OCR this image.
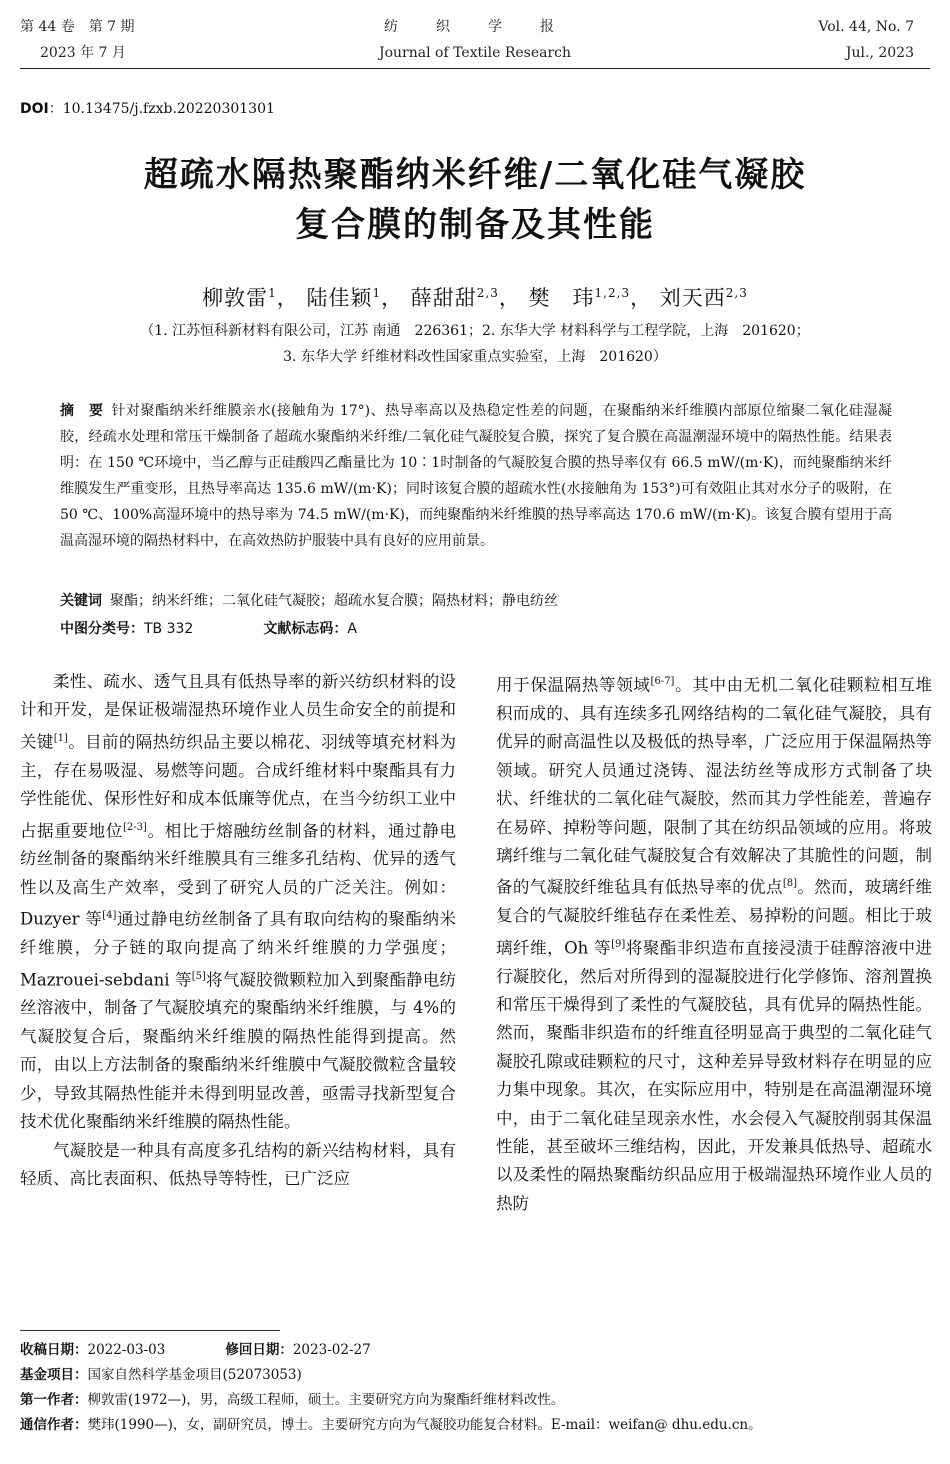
第 44 卷　第 7 期
2023 年 7 月
纺　织　学　报
Journal of Textile Research
Vol. 44, No. 7
Jul., 2023
DOI：10.13475/j.fzxb.20220301301
超疏水隔热聚酯纳米纤维/二氧化硅气凝胶
复合膜的制备及其性能
柳敦雷$^1$， 陆佳颖$^1$， 薛甜甜$^{2,3}$， 樊　玮$^{1,2,3}$， 刘天西$^{2,3}$
（1. 江苏恒科新材料有限公司，江苏 南通　226361；2. 东华大学 材料科学与工程学院，上海　201620；
3. 东华大学 纤维材料改性国家重点实验室，上海　201620）
摘　要 针对聚酯纳米纤维膜亲水(接触角为 17°)、热导率高以及热稳定性差的问题，在聚酯纳米纤维膜内部原位缩聚二氧化硅湿凝胶，经疏水处理和常压干燥制备了超疏水聚酯纳米纤维/二氧化硅气凝胶复合膜，探究了复合膜在高温潮湿环境中的隔热性能。结果表明：在 150 ℃环境中，当乙醇与正硅酸四乙酯量比为 10∶1时制备的气凝胶复合膜的热导率仅有 66.5 mW/(m·K)，而纯聚酯纳米纤维膜发生严重变形，且热导率高达 135.6 mW/(m·K)；同时该复合膜的超疏水性(水接触角为 153°)可有效阻止其对水分子的吸附，在 50 ℃、100%高湿环境中的热导率为 74.5 mW/(m·K)，而纯聚酯纳米纤维膜的热导率高达 170.6 mW/(m·K)。该复合膜有望用于高温高湿环境的隔热材料中，在高效热防护服装中具有良好的应用前景。
关键词 聚酯；纳米纤维；二氧化硅气凝胶；超疏水复合膜；隔热材料；静电纺丝
中图分类号：TB 332	文献标志码：A

柔性、疏水、透气且具有低热导率的新兴纺织材料的设计和开发，是保证极端湿热环境作业人员生命安全的前提和关键[1]。目前的隔热纺织品主要以棉花、羽绒等填充材料为主，存在易吸湿、易燃等问题。合成纤维材料中聚酯具有力学性能优、保形性好和成本低廉等优点，在当今纺织工业中占据重要地位[2-3]。相比于熔融纺丝制备的材料，通过静电纺丝制备的聚酯纳米纤维膜具有三维多孔结构、优异的透气性以及高生产效率，受到了研究人员的广泛关注。例如：Duzyer 等[4]通过静电纺丝制备了具有取向结构的聚酯纳米纤维膜，分子链的取向提高了纳米纤维膜的力学强度；Mazrouei-sebdani 等[5]将气凝胶微颗粒加入到聚酯静电纺丝溶液中，制备了气凝胶填充的聚酯纳米纤维膜，与 4%的气凝胶复合后，聚酯纳米纤维膜的隔热性能得到提高。然而，由以上方法制备的聚酯纳米纤维膜中气凝胶微粒含量较少，导致其隔热性能并未得到明显改善，亟需寻找新型复合技术优化聚酯纳米纤维膜的隔热性能。

气凝胶是一种具有高度多孔结构的新兴结构材料，具有轻质、高比表面积、低热导等特性，已广泛应

用于保温隔热等领域[6-7]。其中由无机二氧化硅颗粒相互堆积而成的、具有连续多孔网络结构的二氧化硅气凝胶，具有优异的耐高温性以及极低的热导率，广泛应用于保温隔热等领域。研究人员通过浇铸、湿法纺丝等成形方式制备了块状、纤维状的二氧化硅气凝胶，然而其力学性能差，普遍存在易碎、掉粉等问题，限制了其在纺织品领域的应用。将玻璃纤维与二氧化硅气凝胶复合有效解决了其脆性的问题，制备的气凝胶纤维毡具有低热导率的优点[8]。然而，玻璃纤维复合的气凝胶纤维毡存在柔性差、易掉粉的问题。相比于玻璃纤维，Oh 等[9]将聚酯非织造布直接浸渍于硅醇溶液中进行凝胶化，然后对所得到的湿凝胶进行化学修饰、溶剂置换和常压干燥得到了柔性的气凝胶毡，具有优异的隔热性能。然而，聚酯非织造布的纤维直径明显高于典型的二氧化硅气凝胶孔隙或硅颗粒的尺寸，这种差异导致材料存在明显的应力集中现象。其次，在实际应用中，特别是在高温潮湿环境中，由于二氧化硅呈现亲水性，水会侵入气凝胶削弱其保温性能，甚至破坏三维结构，因此，开发兼具低热导、超疏水以及柔性的隔热聚酯纺织品应用于极端湿热环境作业人员的热防

收稿日期：2022-03-03	修回日期：2023-02-27
基金项目：国家自然科学基金项目(52073053)
第一作者：柳敦雷(1972—)，男，高级工程师，硕士。主要研究方向为聚酯纤维材料改性。
通信作者：樊玮(1990—)，女，副研究员，博士。主要研究方向为气凝胶功能复合材料。E-mail：weifan@ dhu.edu.cn。
